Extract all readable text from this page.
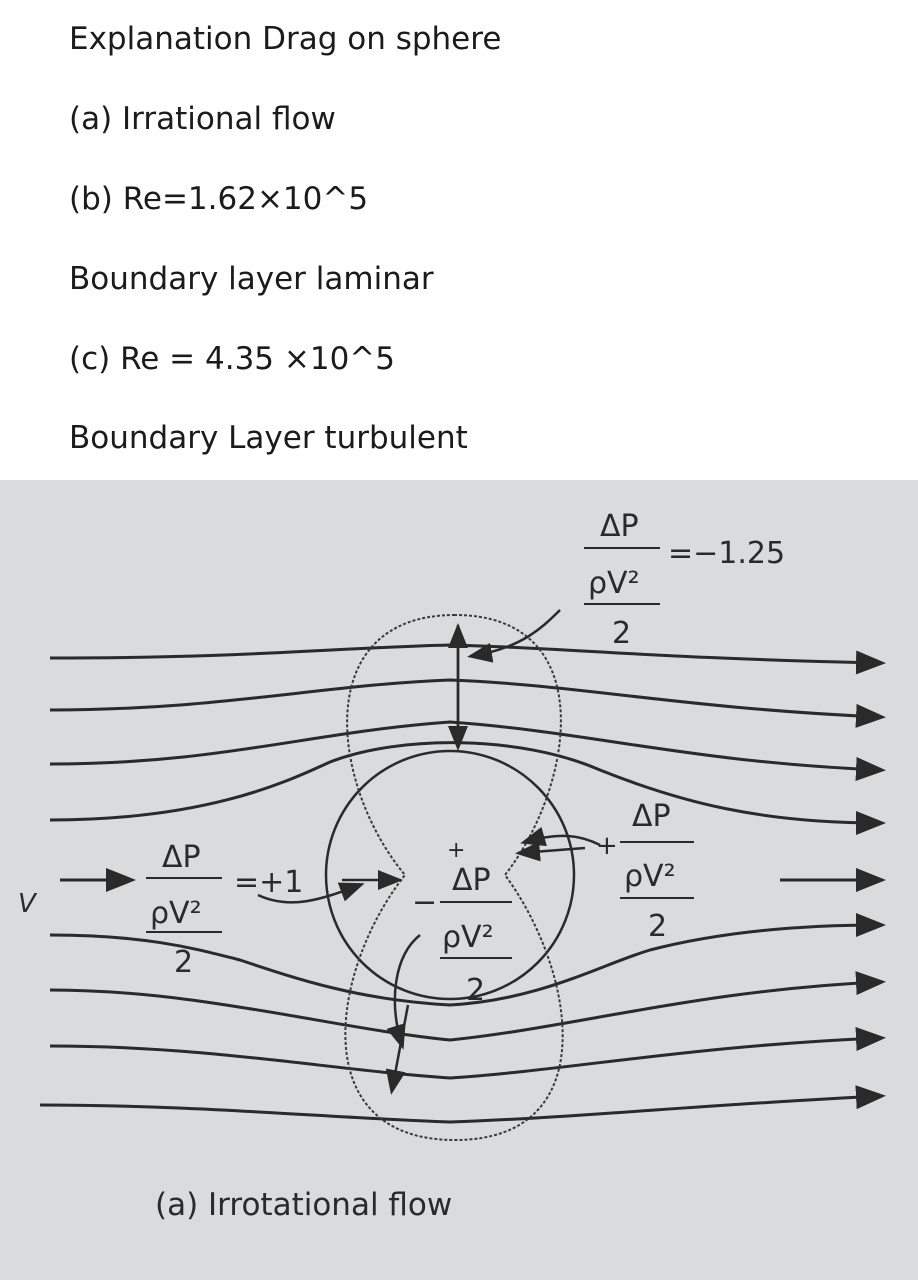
Explanation Drag on sphere
(a) Irrational flow
(b) Re=1.62×10^5
Boundary layer laminar
(c) Re = 4.35 ×10^5
Boundary Layer turbulent
V
ΔP
ρV²
2
=−1.25
ΔP
ρV²
2
=+1
+
ΔP
−
ρV²
2
+
ΔP
ρV²
2
(a) Irrotational flow
